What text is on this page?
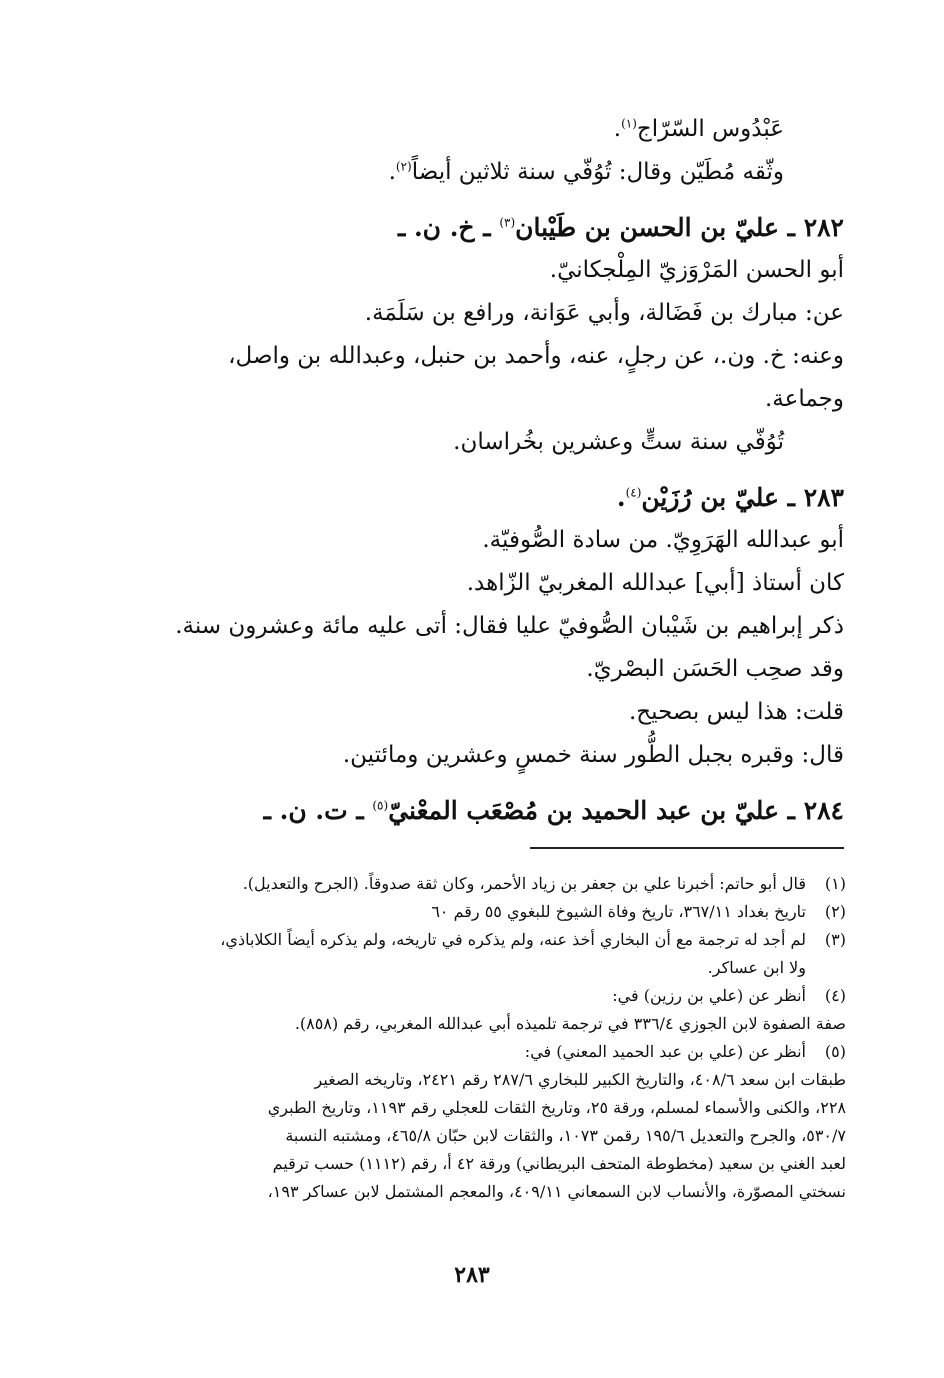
عَبْدُوس السّرّاج$^{(١)}$.
وثّقه مُطَيّن وقال: تُوُفّي سنة ثلاثين أيضاً$^{(٢)}$.
٢٨٢ ـ عليّ بن الحسن بن طَيْبان$^{(٣)}$ ـ خ. ن. ـ
أبو الحسن المَرْوَزيّ المِلْجكانيّ.
عن: مبارك بن فَضَالة، وأبي عَوَانة، ورافع بن سَلَمَة.
وعنه: خ. ون.، عن رجلٍ، عنه، وأحمد بن حنبل، وعبدالله بن واصل،
وجماعة.
تُوُفّي سنة ستٍّ وعشرين بخُراسان.
٢٨٣ ـ عليّ بن رُزَيْن$^{(٤)}$.
أبو عبدالله الهَرَوِيّ. من سادة الصُّوفيّة.
كان أستاذ [أبي] عبدالله المغربيّ الزّاهد.
ذكر إبراهيم بن شَيْبان الصُّوفيّ عليا فقال: أتى عليه مائة وعشرون سنة.
وقد صحِب الحَسَن البصْريّ.
قلت: هذا ليس بصحيح.
قال: وقبره بجبل الطُّور سنة خمسٍ وعشرين ومائتين.
٢٨٤ ـ عليّ بن عبد الحميد بن مُصْعَب المعْنيّ$^{(٥)}$ ـ ت. ن. ـ
(١)
قال أبو حاتم: أخبرنا علي بن جعفر بن زياد الأحمر، وكان ثقة صدوقاً. (الجرح والتعديل).
(٢)
تاريخ بغداد ٣٦٧/١١، تاريخ وفاة الشيوخ للبغوي ٥٥ رقم ٦٠
(٣)
لم أجد له ترجمة مع أن البخاري أخذ عنه، ولم يذكره في تاريخه، ولم يذكره أيضاً الكلاباذي،
ولا ابن عساكر.
(٤)
أنظر عن (علي بن رزين) في:
صفة الصفوة لابن الجوزي ٣٣٦/٤ في ترجمة تلميذه أبي عبدالله المغربي، رقم (٨٥٨).
(٥)
أنظر عن (علي بن عبد الحميد المعني) في:
طبقات ابن سعد ٤٠٨/٦، والتاريخ الكبير للبخاري ٢٨٧/٦ رقم ٢٤٢١، وتاريخه الصغير
٢٢٨، والكنى والأسماء لمسلم، ورقة ٢٥، وتاريخ الثقات للعجلي رقم ١١٩٣، وتاريخ الطبري
٥٣٠/٧، والجرح والتعديل ١٩٥/٦ رقمن ١٠٧٣، والثقات لابن حبّان ٤٦٥/٨، ومشتبه النسبة
لعبد الغني بن سعيد (مخطوطة المتحف البريطاني) ورقة ٤٢ أ، رقم (١١١٢) حسب ترقيم
نسختي المصوّرة، والأنساب لابن السمعاني ٤٠٩/١١، والمعجم المشتمل لابن عساكر ١٩٣،
٢٨٣
